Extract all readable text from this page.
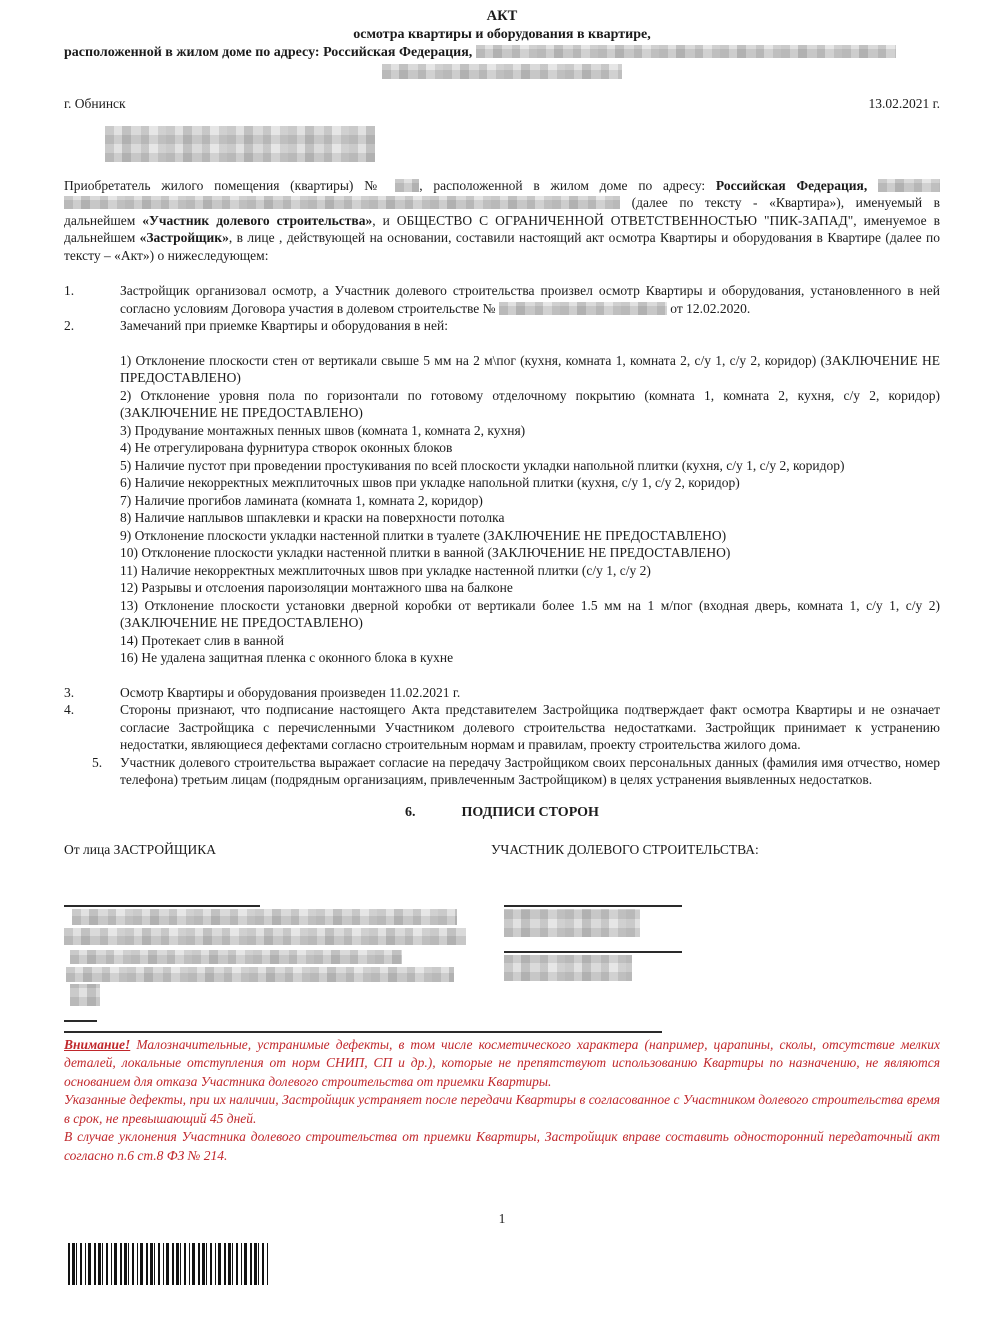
АКТ
осмотра квартиры и оборудования в квартире,
расположенной в жилом доме по адресу: Российская Федерация,
г. Обнинск	13.02.2021 г.
Приобретатель жилого помещения (квартиры) № , расположенной в жилом доме по адресу: Российская Федерация,   (далее по тексту - «Квартира»), именуемый в дальнейшем «Участник долевого строительства», и ОБЩЕСТВО С ОГРАНИЧЕННОЙ ОТВЕТСТВЕННОСТЬЮ "ПИК-ЗАПАД", именуемое в дальнейшем «Застройщик», в лице , действующей на основании, составили настоящий акт осмотра Квартиры и оборудования в Квартире (далее по тексту – «Акт») о нижеследующем:
1.	Застройщик организовал осмотр, а Участник долевого строительства произвел осмотр Квартиры и оборудования, установленного в ней согласно условиям Договора участия в долевом строительстве №	от 12.02.2020.
2.	Замечаний при приемке Квартиры и оборудования в ней:
1) Отклонение плоскости стен от вертикали свыше 5 мм на 2 м\пог (кухня, комната 1, комната 2, с/у 1, с/у 2, коридор) (ЗАКЛЮЧЕНИЕ НЕ ПРЕДОСТАВЛЕНО)
2) Отклонение уровня пола по горизонтали по готовому отделочному покрытию (комната 1, комната 2, кухня, с/у 2, коридор) (ЗАКЛЮЧЕНИЕ НЕ ПРЕДОСТАВЛЕНО)
3) Продувание монтажных пенных швов (комната 1, комната 2, кухня)
4) Не отрегулирована фурнитура створок оконных блоков
5) Наличие пустот при проведении простукивания по всей плоскости укладки напольной плитки (кухня, с/у 1, с/у 2, коридор)
6) Наличие некорректных межплиточных швов при укладке напольной плитки (кухня, с/у 1, с/у 2, коридор)
7) Наличие прогибов ламината (комната 1, комната 2, коридор)
8) Наличие наплывов шпаклевки и краски на поверхности потолка
9) Отклонение плоскости укладки настенной плитки в туалете (ЗАКЛЮЧЕНИЕ НЕ ПРЕДОСТАВЛЕНО)
10) Отклонение плоскости укладки настенной плитки в ванной (ЗАКЛЮЧЕНИЕ НЕ ПРЕДОСТАВЛЕНО)
11) Наличие некорректных межплиточных швов при укладке настенной плитки (с/у 1, с/у 2)
12) Разрывы и отслоения пароизоляции монтажного шва на балконе
13) Отклонение плоскости установки дверной коробки от вертикали более 1.5 мм на 1 м/пог (входная дверь, комната 1, с/у 1, с/у 2) (ЗАКЛЮЧЕНИЕ НЕ ПРЕДОСТАВЛЕНО)
14) Протекает слив в ванной
16) Не удалена защитная пленка с оконного блока в кухне
3.	Осмотр Квартиры и оборудования произведен 11.02.2021 г.
4.	Стороны признают, что подписание настоящего Акта представителем Застройщика подтверждает факт осмотра Квартиры и не означает согласие Застройщика с перечисленными Участником долевого строительства недостатками. Застройщик принимает к устранению недостатки, являющиеся дефектами согласно строительным нормам и правилам, проекту строительства жилого дома.
5.	Участник долевого строительства выражает согласие на передачу Застройщиком своих персональных данных (фамилия имя отчество, номер телефона) третьим лицам (подрядным организациям, привлеченным Застройщиком) в целях устранения выявленных недостатков.
6.	ПОДПИСИ СТОРОН
От лица ЗАСТРОЙЩИКА	УЧАСТНИК ДОЛЕВОГО СТРОИТЕЛЬСТВА:

Внимание! Малозначительные, устранимые дефекты, в том числе косметического характера (например, царапины, сколы, отсутствие мелких деталей, локальные отступления от норм СНИП, СП и др.), которые не препятствуют использованию Квартиры по назначению, не являются основанием для отказа Участника долевого строительства от приемки Квартиры.

Указанные дефекты, при их наличии, Застройщик устраняет после передачи Квартиры в согласованное с Участником долевого строительства время в срок, не превышающий 45 дней.

В случае уклонения Участника долевого строительства от приемки Квартиры, Застройщик вправе составить односторонний передаточный акт согласно п.6 ст.8 ФЗ № 214.

1
